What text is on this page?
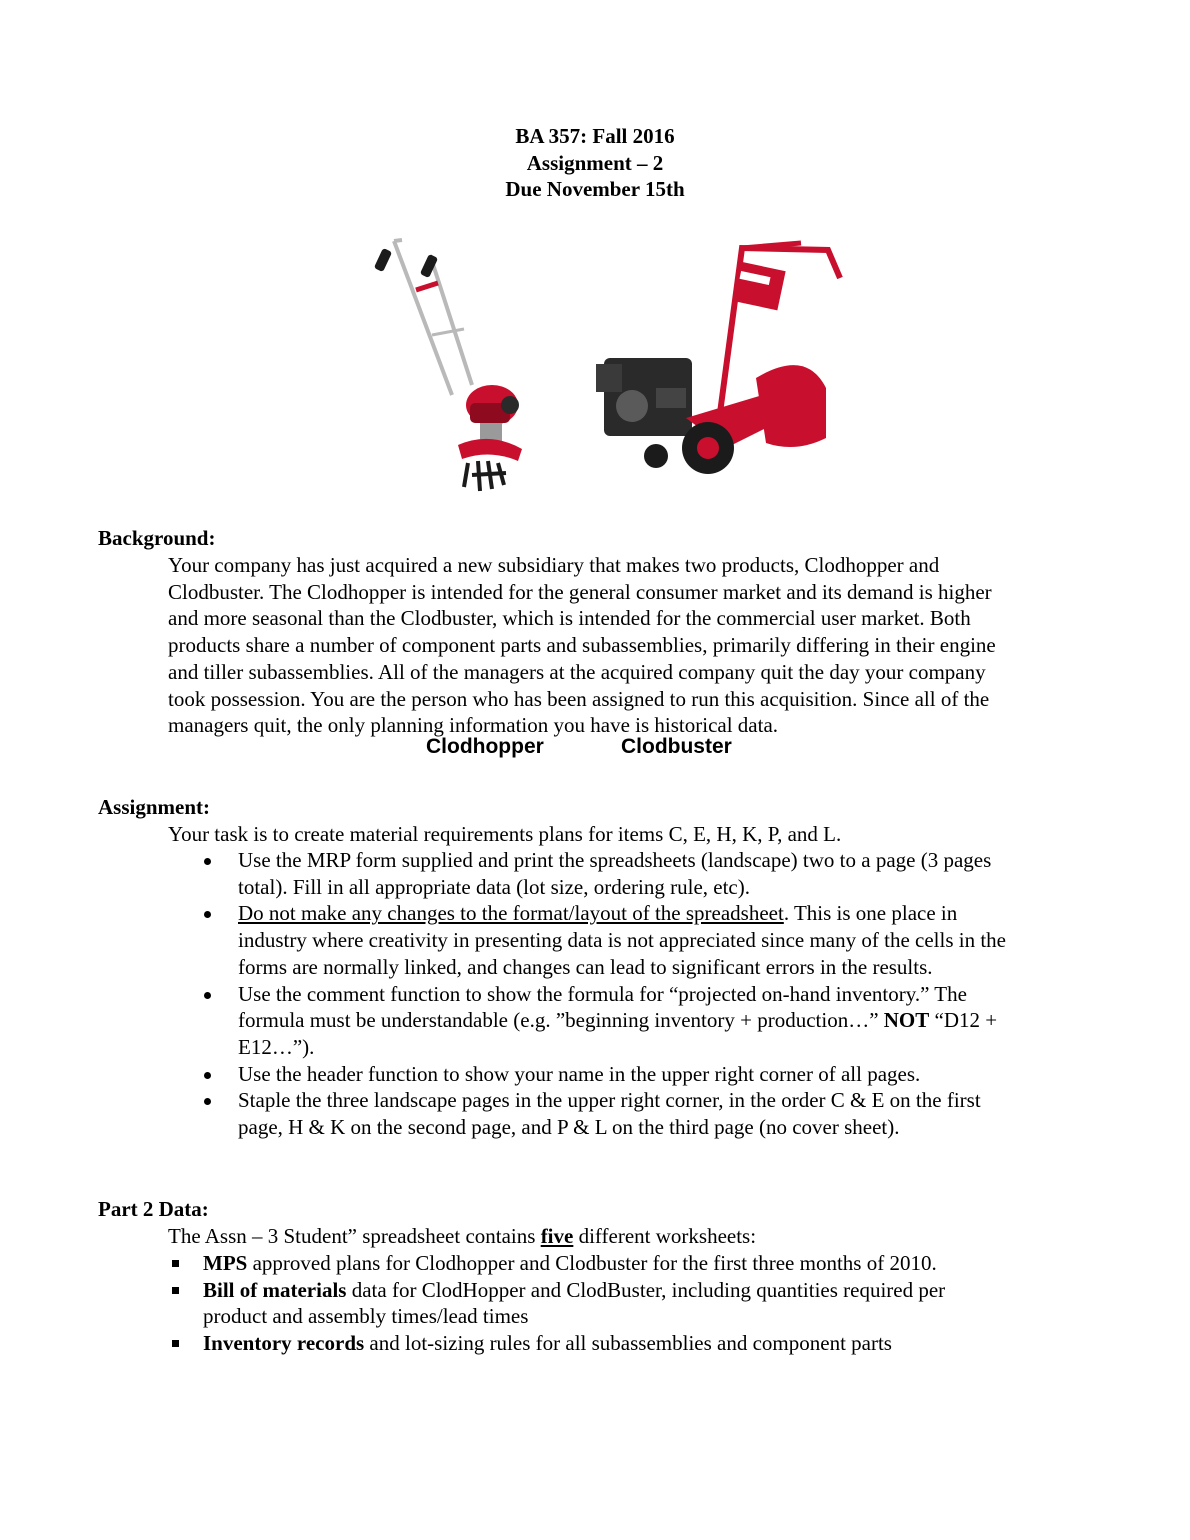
BA 357: Fall 2016
Assignment – 2
Due November 15th
Clodhopper	Clodbuster
Background:
Your company has just acquired a new subsidiary that makes two products, Clodhopper and
Clodbuster. The Clodhopper is intended for the general consumer market and its demand is higher
and more seasonal than the Clodbuster, which is intended for the commercial user market. Both
products share a number of component parts and subassemblies, primarily differing in their engine
and tiller subassemblies. All of the managers at the acquired company quit the day your company
took possession. You are the person who has been assigned to run this acquisition. Since all of the
managers quit, the only planning information you have is historical data.
Assignment:
Your task is to create material requirements plans for items C, E, H, K, P, and L.
Use the MRP form supplied and print the spreadsheets (landscape) two to a page (3 pages
total). Fill in all appropriate data (lot size, ordering rule, etc).
Do not make any changes to the format/layout of the spreadsheet. This is one place in
industry where creativity in presenting data is not appreciated since many of the cells in the
forms are normally linked, and changes can lead to significant errors in the results.
Use the comment function to show the formula for “projected on-hand inventory.” The
formula must be understandable (e.g. ”beginning inventory + production…” NOT “D12 +
E12…”).
Use the header function to show your name in the upper right corner of all pages.
Staple the three landscape pages in the upper right corner, in the order C & E on the first
page, H & K on the second page, and P & L on the third page (no cover sheet).
Part 2 Data:
The Assn – 3 Student” spreadsheet contains five different worksheets:
MPS approved plans for Clodhopper and Clodbuster for the first three months of 2010.
Bill of materials data for ClodHopper and ClodBuster, including quantities required per
product and assembly times/lead times
Inventory records and lot-sizing rules for all subassemblies and component parts
